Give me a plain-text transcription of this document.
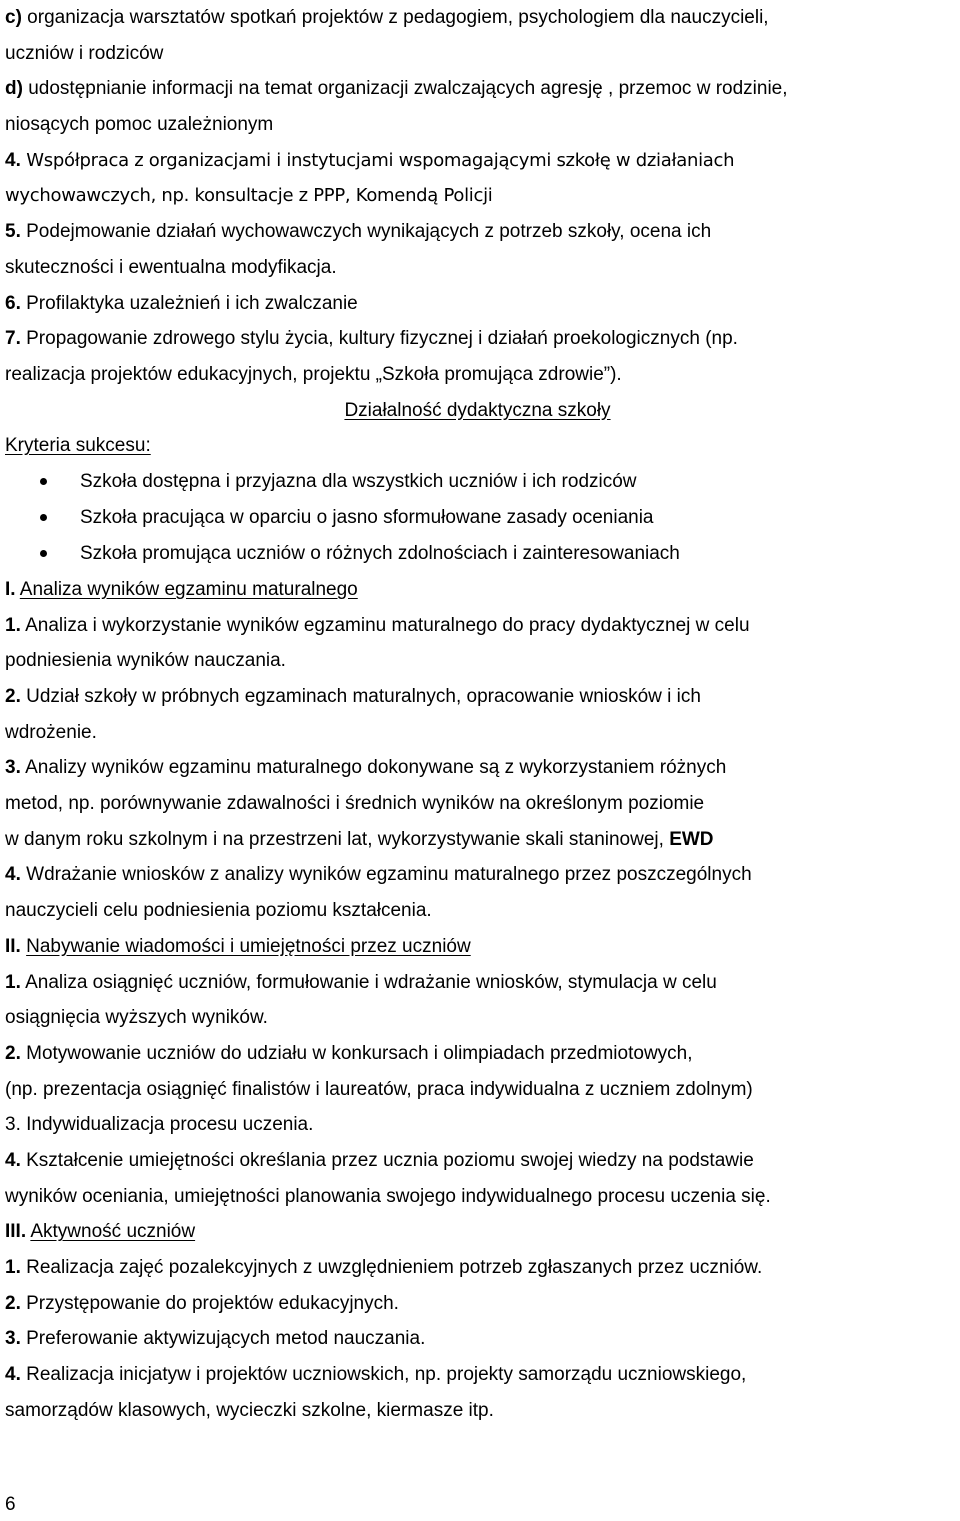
c) organizacja warsztatów spotkań projektów z pedagogiem, psychologiem dla nauczycieli,
uczniów i rodziców
d) udostępnianie informacji na temat organizacji zwalczających agresję , przemoc w rodzinie,
niosących pomoc uzależnionym
4. Współpraca z organizacjami i instytucjami wspomagającymi szkołę w działaniach
wychowawczych, np. konsultacje z PPP, Komendą Policji
5. Podejmowanie działań wychowawczych wynikających z potrzeb szkoły, ocena ich
skuteczności i ewentualna modyfikacja.
6. Profilaktyka uzależnień i ich zwalczanie
7. Propagowanie zdrowego stylu życia, kultury fizycznej i działań proekologicznych (np.
realizacja projektów edukacyjnych, projektu „Szkoła promująca zdrowie”).
Działalność dydaktyczna szkoły
Kryteria sukcesu:
Szkoła dostępna i przyjazna dla wszystkich uczniów i ich rodziców
Szkoła pracująca w oparciu o jasno sformułowane zasady oceniania
Szkoła promująca uczniów o różnych zdolnościach i zainteresowaniach
I. Analiza wyników egzaminu maturalnego
1. Analiza i wykorzystanie wyników egzaminu maturalnego do pracy dydaktycznej w celu
podniesienia wyników nauczania.
2. Udział szkoły w próbnych egzaminach maturalnych, opracowanie wniosków i ich
wdrożenie.
3. Analizy wyników egzaminu maturalnego dokonywane są z wykorzystaniem różnych
metod, np. porównywanie zdawalności i średnich wyników na określonym poziomie
w danym roku szkolnym i na przestrzeni lat, wykorzystywanie skali staninowej, EWD
4. Wdrażanie wniosków z analizy wyników egzaminu maturalnego przez poszczególnych
nauczycieli celu podniesienia poziomu kształcenia.
II. Nabywanie wiadomości i umiejętności przez uczniów
1. Analiza osiągnięć uczniów, formułowanie i wdrażanie wniosków, stymulacja w celu
osiągnięcia wyższych wyników.
2. Motywowanie uczniów do udziału w konkursach i olimpiadach przedmiotowych,
(np. prezentacja osiągnięć finalistów i laureatów, praca indywidualna z uczniem zdolnym)
3. Indywidualizacja procesu uczenia.
4. Kształcenie umiejętności określania przez ucznia poziomu swojej wiedzy na podstawie
wyników oceniania, umiejętności planowania swojego indywidualnego procesu uczenia się.
III. Aktywność uczniów
1. Realizacja zajęć pozalekcyjnych z uwzględnieniem potrzeb zgłaszanych przez uczniów.
2. Przystępowanie do projektów edukacyjnych.
3. Preferowanie aktywizujących metod nauczania.
4. Realizacja inicjatyw i projektów uczniowskich, np. projekty samorządu uczniowskiego,
samorządów klasowych, wycieczki szkolne, kiermasze itp.
6
